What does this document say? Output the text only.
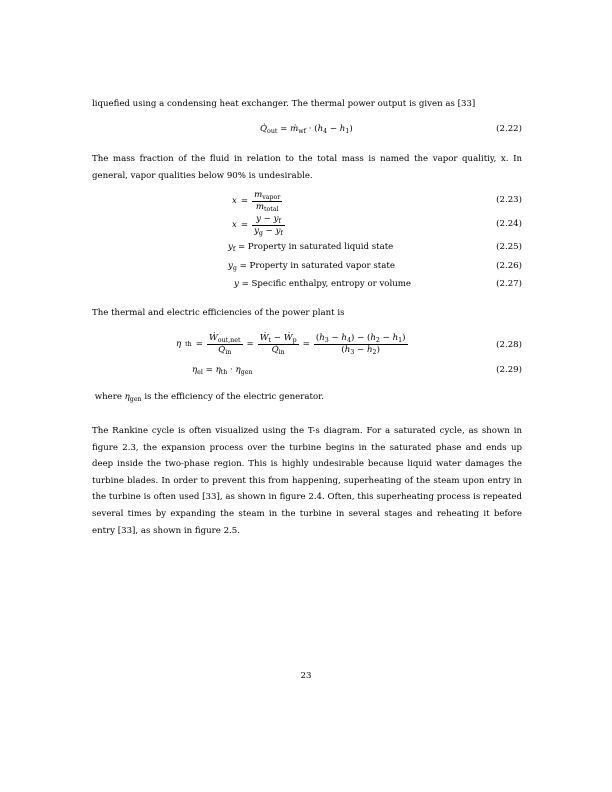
liquefied using a condensing heat exchanger. The thermal power output is given as [33]
$Q̇_{out}$ = ṁ$_{wf}$ · $(h_4 - h_1)$	(2.22)
The mass fraction of the fluid in relation to the total mass is named the vapor qualitiy, x. In general, vapor qualities below 90% is undesirable.
$x = \frac{m_{vapor}}{m_{total}}$	(2.23)
$x = \frac{y - y_f}{y_g - y_f}$	(2.24)
$y_f$ = Property in saturated liquid state	(2.25)
$y_g$ = Property in saturated vapor state	(2.26)
y = Specific enthalpy, entropy or volume	(2.27)
The thermal and electric efficiencies of the power plant is
η th = $\frac{Ẇ_{out,net}}{Q̇_{in}} = \frac{Ẇ_t - Ẇ_p}{Q̇_{in}} = \frac{(h_3 - h_4) - (h_2 - h_1)}{(h_3 - h_2)}$	(2.28)
$\eta_{el} = \eta_{th} \cdot \eta_{gen}$	(2.29)
where $\eta_{gen}$ is the efficiency of the electric generator.
The Rankine cycle is often visualized using the T-s diagram. For a saturated cycle, as shown in figure 2.3, the expansion process over the turbine begins in the saturated phase and ends up deep inside the two-phase region. This is highly undesirable because liquid water damages the turbine blades. In order to prevent this from happening, superheating of the steam upon entry in the turbine is often used [33], as shown in figure 2.4. Often, this superheating process is repeated several times by expanding the steam in the turbine in several stages and reheating it before entry [33], as shown in figure 2.5.
23
